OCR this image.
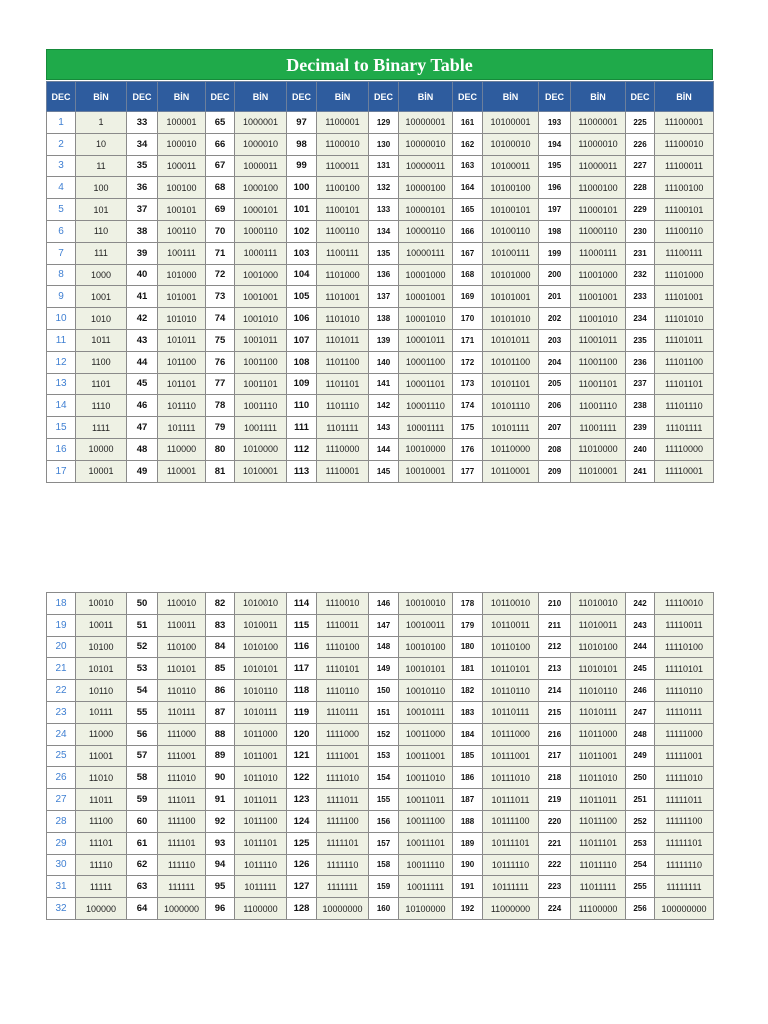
Decimal to Binary Table
DEC	BİN	DEC	BİN	DEC	BİN	DEC	BİN	DEC	BİN	DEC	BİN	DEC	BİN	DEC	BİN
1	1	33	100001	65	1000001	97	1100001	129	10000001	161	10100001	193	11000001	225	11100001
2	10	34	100010	66	1000010	98	1100010	130	10000010	162	10100010	194	11000010	226	11100010
3	11	35	100011	67	1000011	99	1100011	131	10000011	163	10100011	195	11000011	227	11100011
4	100	36	100100	68	1000100	100	1100100	132	10000100	164	10100100	196	11000100	228	11100100
5	101	37	100101	69	1000101	101	1100101	133	10000101	165	10100101	197	11000101	229	11100101
6	110	38	100110	70	1000110	102	1100110	134	10000110	166	10100110	198	11000110	230	11100110
7	111	39	100111	71	1000111	103	1100111	135	10000111	167	10100111	199	11000111	231	11100111
8	1000	40	101000	72	1001000	104	1101000	136	10001000	168	10101000	200	11001000	232	11101000
9	1001	41	101001	73	1001001	105	1101001	137	10001001	169	10101001	201	11001001	233	11101001
10	1010	42	101010	74	1001010	106	1101010	138	10001010	170	10101010	202	11001010	234	11101010
11	1011	43	101011	75	1001011	107	1101011	139	10001011	171	10101011	203	11001011	235	11101011
12	1100	44	101100	76	1001100	108	1101100	140	10001100	172	10101100	204	11001100	236	11101100
13	1101	45	101101	77	1001101	109	1101101	141	10001101	173	10101101	205	11001101	237	11101101
14	1110	46	101110	78	1001110	110	1101110	142	10001110	174	10101110	206	11001110	238	11101110
15	1111	47	101111	79	1001111	111	1101111	143	10001111	175	10101111	207	11001111	239	11101111
16	10000	48	110000	80	1010000	112	1110000	144	10010000	176	10110000	208	11010000	240	11110000
17	10001	49	110001	81	1010001	113	1110001	145	10010001	177	10110001	209	11010001	241	11110001
18	10010	50	110010	82	1010010	114	1110010	146	10010010	178	10110010	210	11010010	242	11110010
19	10011	51	110011	83	1010011	115	1110011	147	10010011	179	10110011	211	11010011	243	11110011
20	10100	52	110100	84	1010100	116	1110100	148	10010100	180	10110100	212	11010100	244	11110100
21	10101	53	110101	85	1010101	117	1110101	149	10010101	181	10110101	213	11010101	245	11110101
22	10110	54	110110	86	1010110	118	1110110	150	10010110	182	10110110	214	11010110	246	11110110
23	10111	55	110111	87	1010111	119	1110111	151	10010111	183	10110111	215	11010111	247	11110111
24	11000	56	111000	88	1011000	120	1111000	152	10011000	184	10111000	216	11011000	248	11111000
25	11001	57	111001	89	1011001	121	1111001	153	10011001	185	10111001	217	11011001	249	11111001
26	11010	58	111010	90	1011010	122	1111010	154	10011010	186	10111010	218	11011010	250	11111010
27	11011	59	111011	91	1011011	123	1111011	155	10011011	187	10111011	219	11011011	251	11111011
28	11100	60	111100	92	1011100	124	1111100	156	10011100	188	10111100	220	11011100	252	11111100
29	11101	61	111101	93	1011101	125	1111101	157	10011101	189	10111101	221	11011101	253	11111101
30	11110	62	111110	94	1011110	126	1111110	158	10011110	190	10111110	222	11011110	254	11111110
31	11111	63	111111	95	1011111	127	1111111	159	10011111	191	10111111	223	11011111	255	11111111
32	100000	64	1000000	96	1100000	128	10000000	160	10100000	192	11000000	224	11100000	256	100000000
